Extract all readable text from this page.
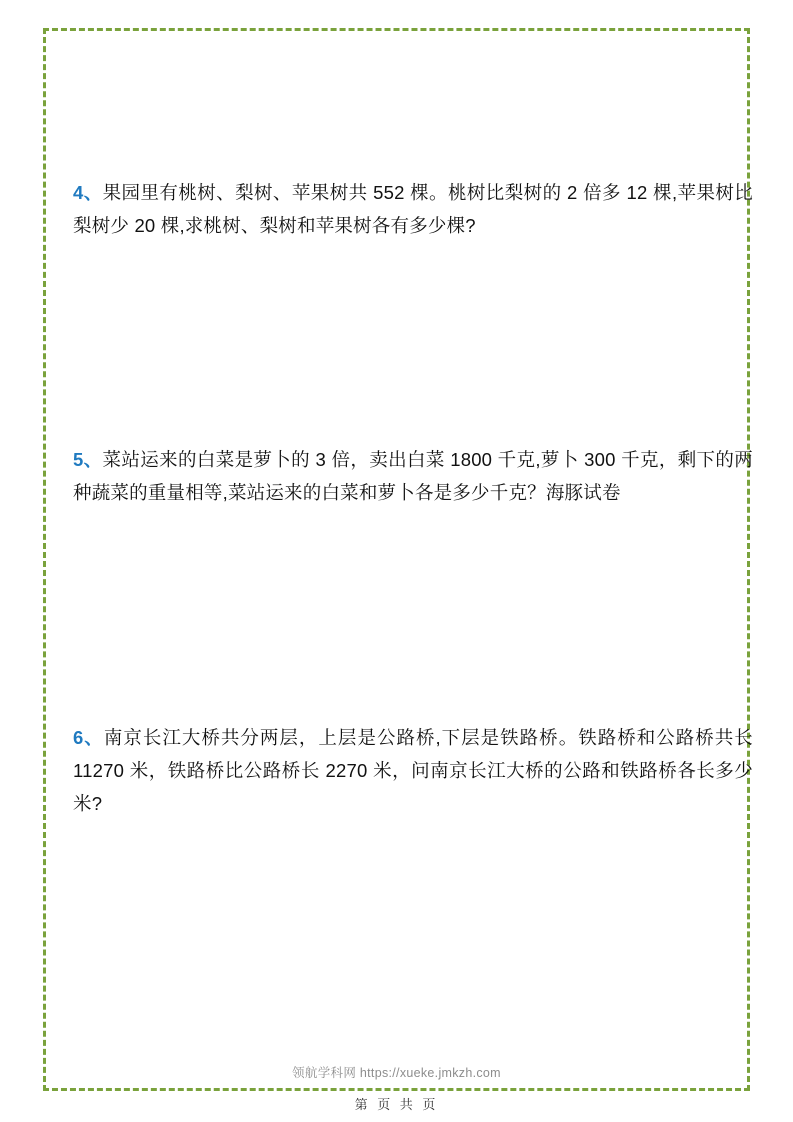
4、果园里有桃树、梨树、苹果树共 552 棵。桃树比梨树的 2 倍多 12 棵,苹果树比梨树少 20 棵,求桃树、梨树和苹果树各有多少棵?
5、菜站运来的白菜是萝卜的 3 倍，卖出白菜 1800 千克,萝卜 300 千克，剩下的两种蔬菜的重量相等,菜站运来的白菜和萝卜各是多少千克？海豚试卷
6、南京长江大桥共分两层，上层是公路桥,下层是铁路桥。铁路桥和公路桥共长 11270 米，铁路桥比公路桥长 2270 米，问南京长江大桥的公路和铁路桥各长多少米?
领航学科网 https://xueke.jmkzh.com
第 页 共 页
